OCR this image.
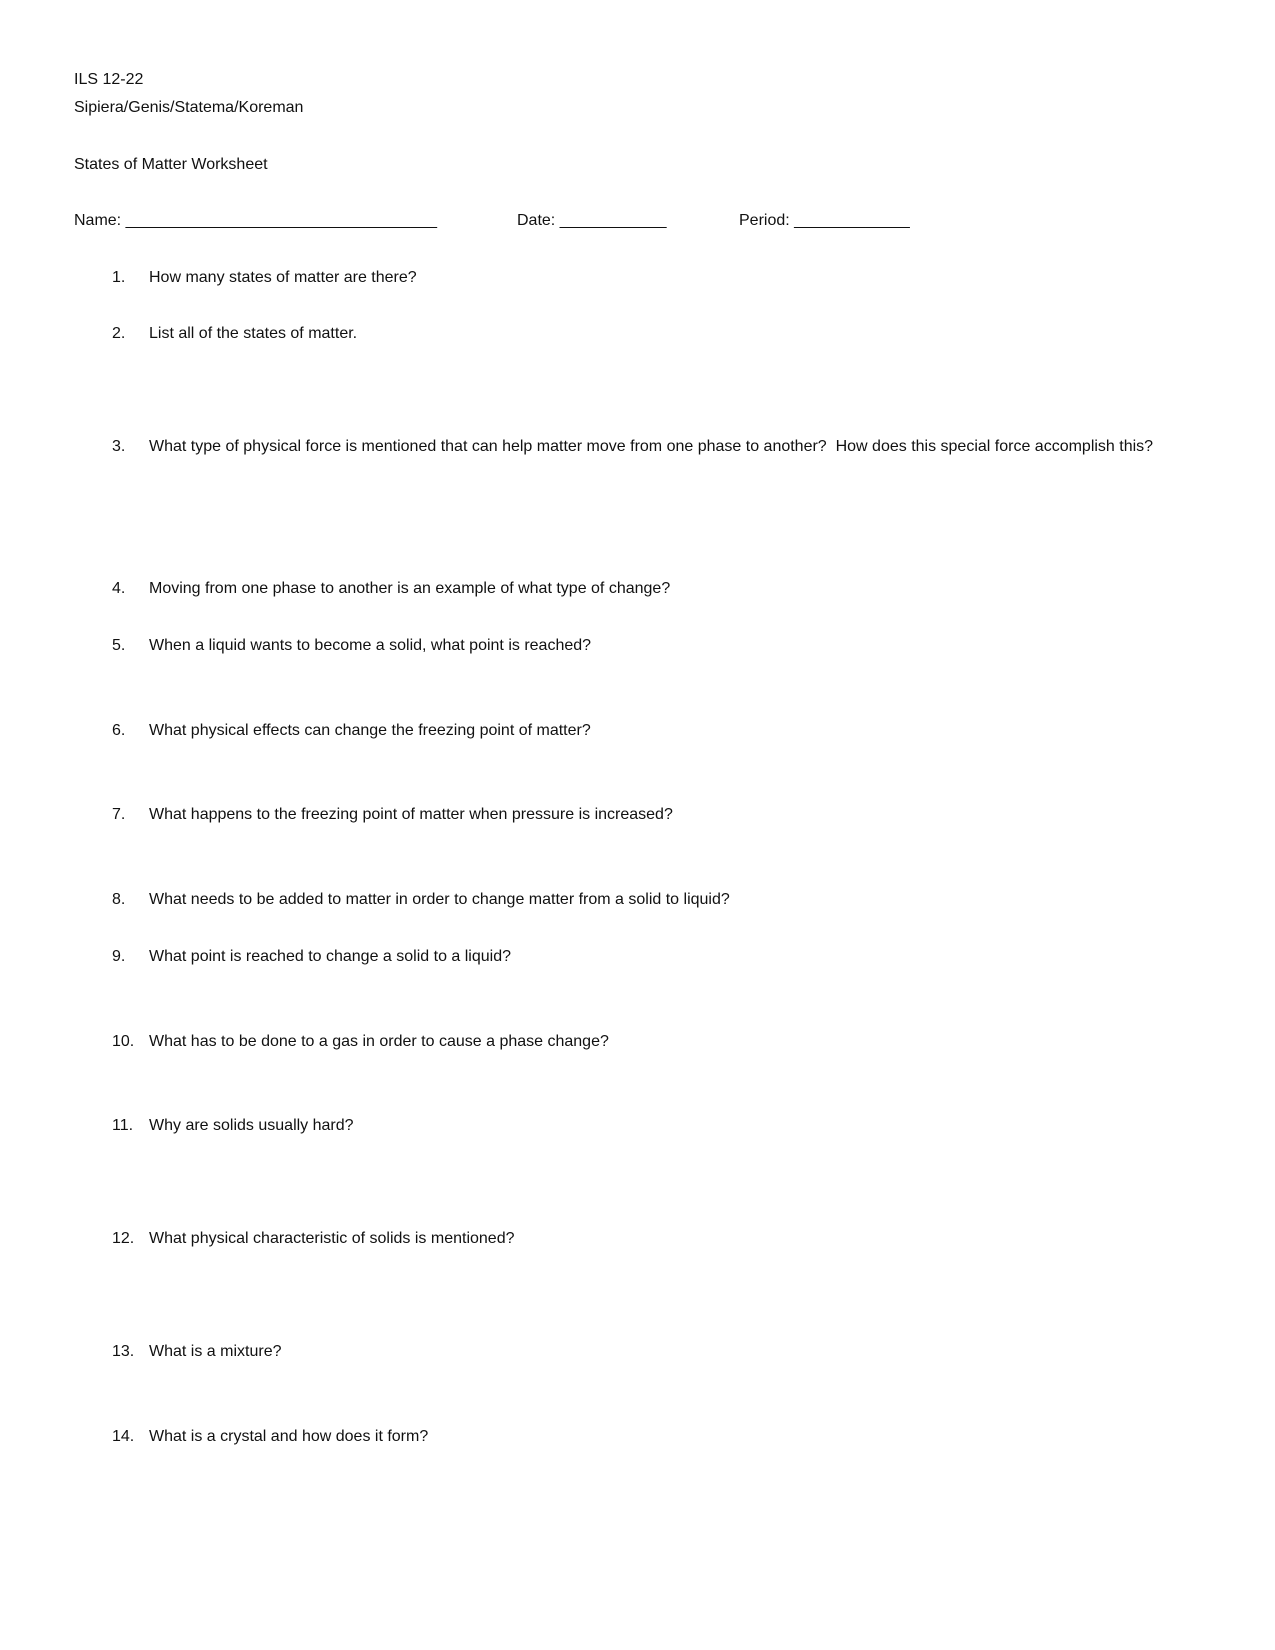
ILS 12-22
Sipiera/Genis/Statema/Koreman
States of Matter Worksheet
Name: ___________________________________	Date: ____________	Period: _____________
1. How many states of matter are there?
2. List all of the states of matter.
3. What type of physical force is mentioned that can help matter move from one phase to another?  How does this special force accomplish this?
4. Moving from one phase to another is an example of what type of change?
5. When a liquid wants to become a solid, what point is reached?
6. What physical effects can change the freezing point of matter?
7. What happens to the freezing point of matter when pressure is increased?
8. What needs to be added to matter in order to change matter from a solid to liquid?
9. What point is reached to change a solid to a liquid?
10. What has to be done to a gas in order to cause a phase change?
11. Why are solids usually hard?
12. What physical characteristic of solids is mentioned?
13. What is a mixture?
14. What is a crystal and how does it form?
